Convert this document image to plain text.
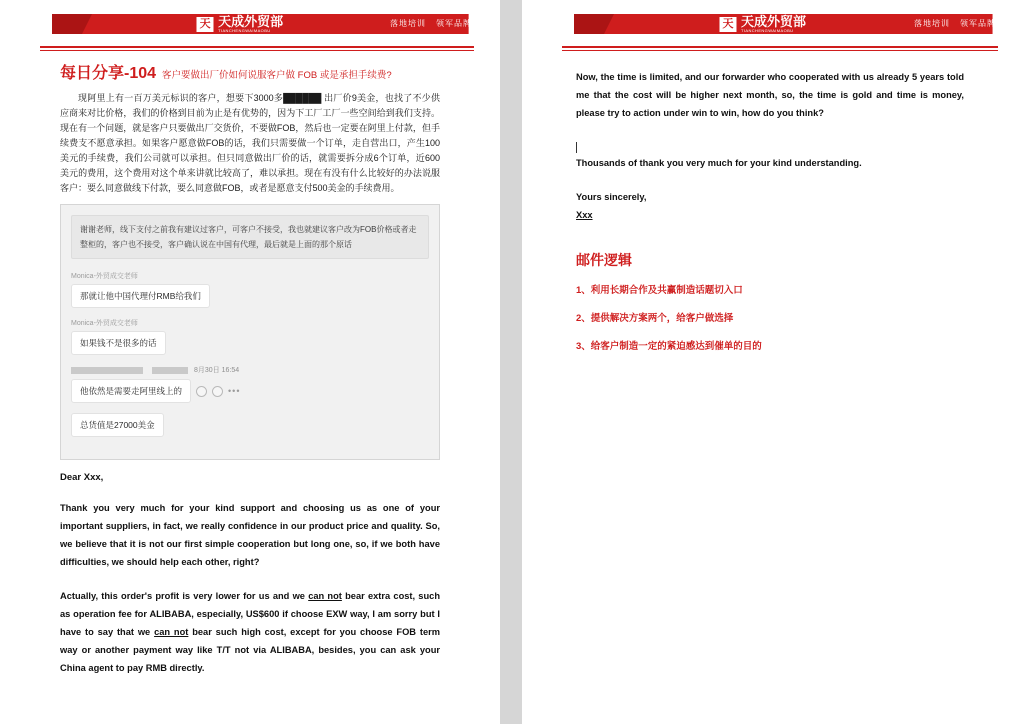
天 天成外贸部
TIANCHENGWAIMAOBU
落地培训 领军品牌
每日分享-104 客户要做出厂价如何说服客户做 FOB 或是承担手续费?

现阿里上有一百万美元标识的客户，想要下3000多██████ 出厂价9美金，也找了不少供应商来对比价格，我们的价格到目前为止是有优势的，因为下工厂工厂一些空间给到我们支持。现在有一个问题，就是客户只要做出厂交货价，不要做FOB，然后也一定要在阿里上付款，但手续费支不愿意承担。如果客户愿意做FOB的话，我们只需要做一个订单，走自营出口，产生100美元的手续费，我们公司就可以承担。但只同意做出厂价的话，就需要拆分成6个订单，近600美元的费用，这个费用对这个单来讲就比较高了，难以承担。现在有没有什么比较好的办法说服客户：要么同意做线下付款，要么同意做FOB，或者是愿意支付500美金的手续费用。

谢谢老师，线下支付之前我有建议过客户，可客户不接受，我也就建议客户改为FOB价格或者走整柜的，客户也不接受，客户确认说在中国有代理，最后就是上面的那个原话
Monica-外贸成交老师
那就让他中国代理付RMB给我们
Monica-外贸成交老师
如果钱不是很多的话
8月30日 16:54
他依然是需要走阿里线上的	•••
总货值是27000美金
Dear Xxx,

Thank you very much for your kind support and choosing us as one of your important suppliers, in fact, we really confidence in our product price and quality. So, we believe that it is not our first simple cooperation but long one, so, if we both have difficulties, we should help each other, right?

Actually, this order's profit is very lower for us and we can not bear extra cost, such as operation fee for ALIBABA, especially, US$600 if choose EXW way, I am sorry but I have to say that we can not bear such high cost, except for you choose FOB term way or another payment way like T/T not via ALIBABA, besides, you can ask your China agent to pay RMB directly.

天 天成外贸部
TIANCHENGWAIMAOBU
落地培训 领军品牌

Now, the time is limited, and our forwarder who cooperated with us already 5 years told me that the cost will be higher next month, so, the time is gold and time is money, please try to action under win to win, how do you think?

Thousands of thank you very much for your kind understanding.

Yours sincerely,
Xxx

邮件逻辑
1、利用长期合作及共赢制造话题切入口
2、提供解决方案两个，给客户做选择
3、给客户制造一定的紧迫感达到催单的目的
